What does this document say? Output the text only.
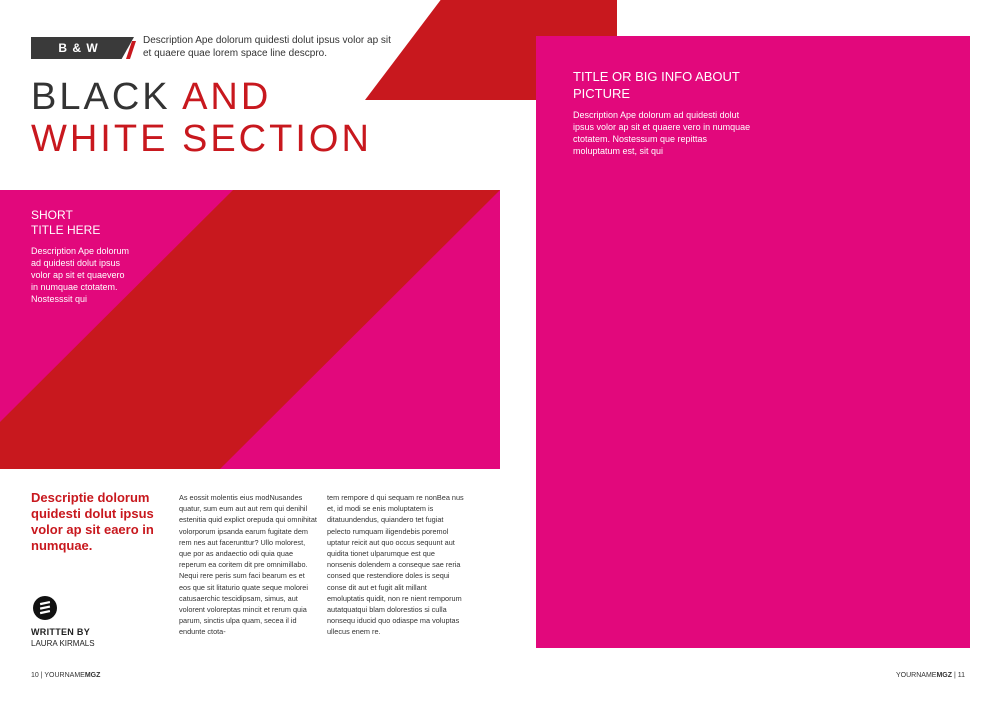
B & W
Description Ape dolorum quidesti dolut ipsus volor ap sit et quaere quae lorem space line descpro.
BLACK AND
WHITE SECTION
TITLE OR BIG INFO ABOUT PICTURE
Description Ape dolorum ad quidesti dolut ipsus volor ap sit et quaere vero in numquae ctotatem. Nostessum que repittas moluptatum est, sit qui
SHORT
TITLE HERE
Description Ape dolorum ad quidesti dolut ipsus volor ap sit et quaevero in numquae ctotatem. Nostesssit qui
Descriptie dolorum quidesti dolut ipsus volor ap sit eaero in numquae.
As eossit molentis eius modNusandes quatur, sum eum aut aut rem qui denihil estenitia quid explict orepuda qui omnihitat volorporum ipsanda earum fugitate dem rem nes aut facerunttur? Ullo molorest, que por as andaectio odi quia quae reperum ea coritem dit pre omnimillabo. Nequi rere peris sum faci bearum es et eos que sit litaturio quate seque molorei catusaerchic tescidipsam, simus, aut volorent voloreptas mincit et rerum quia parum, sinctis ulpa quam, secea il id endunte ctota-
tem rempore d qui sequam re nonBea nus et, id modi se enis moluptatem is ditatuundendus, quiandero tet fugiat pelecto rumquam iligendebis poremol uptatur reicit aut quo occus sequunt aut quidita tionet ulparumque est que nonsenis dolendem a conseque sae reria consed que restendiore doles is sequi conse dit aut et fugit alit millant emoluptatis quidit, non re nient remporum autatquatqui blam dolorestios si culla nonsequ iducid quo odiaspe ma voluptas ullecus enem re.
WRITTEN BY
LAURA KIRMALS
10 | YOURNAMEMGZ	YOURNAMEMGZ | 11
